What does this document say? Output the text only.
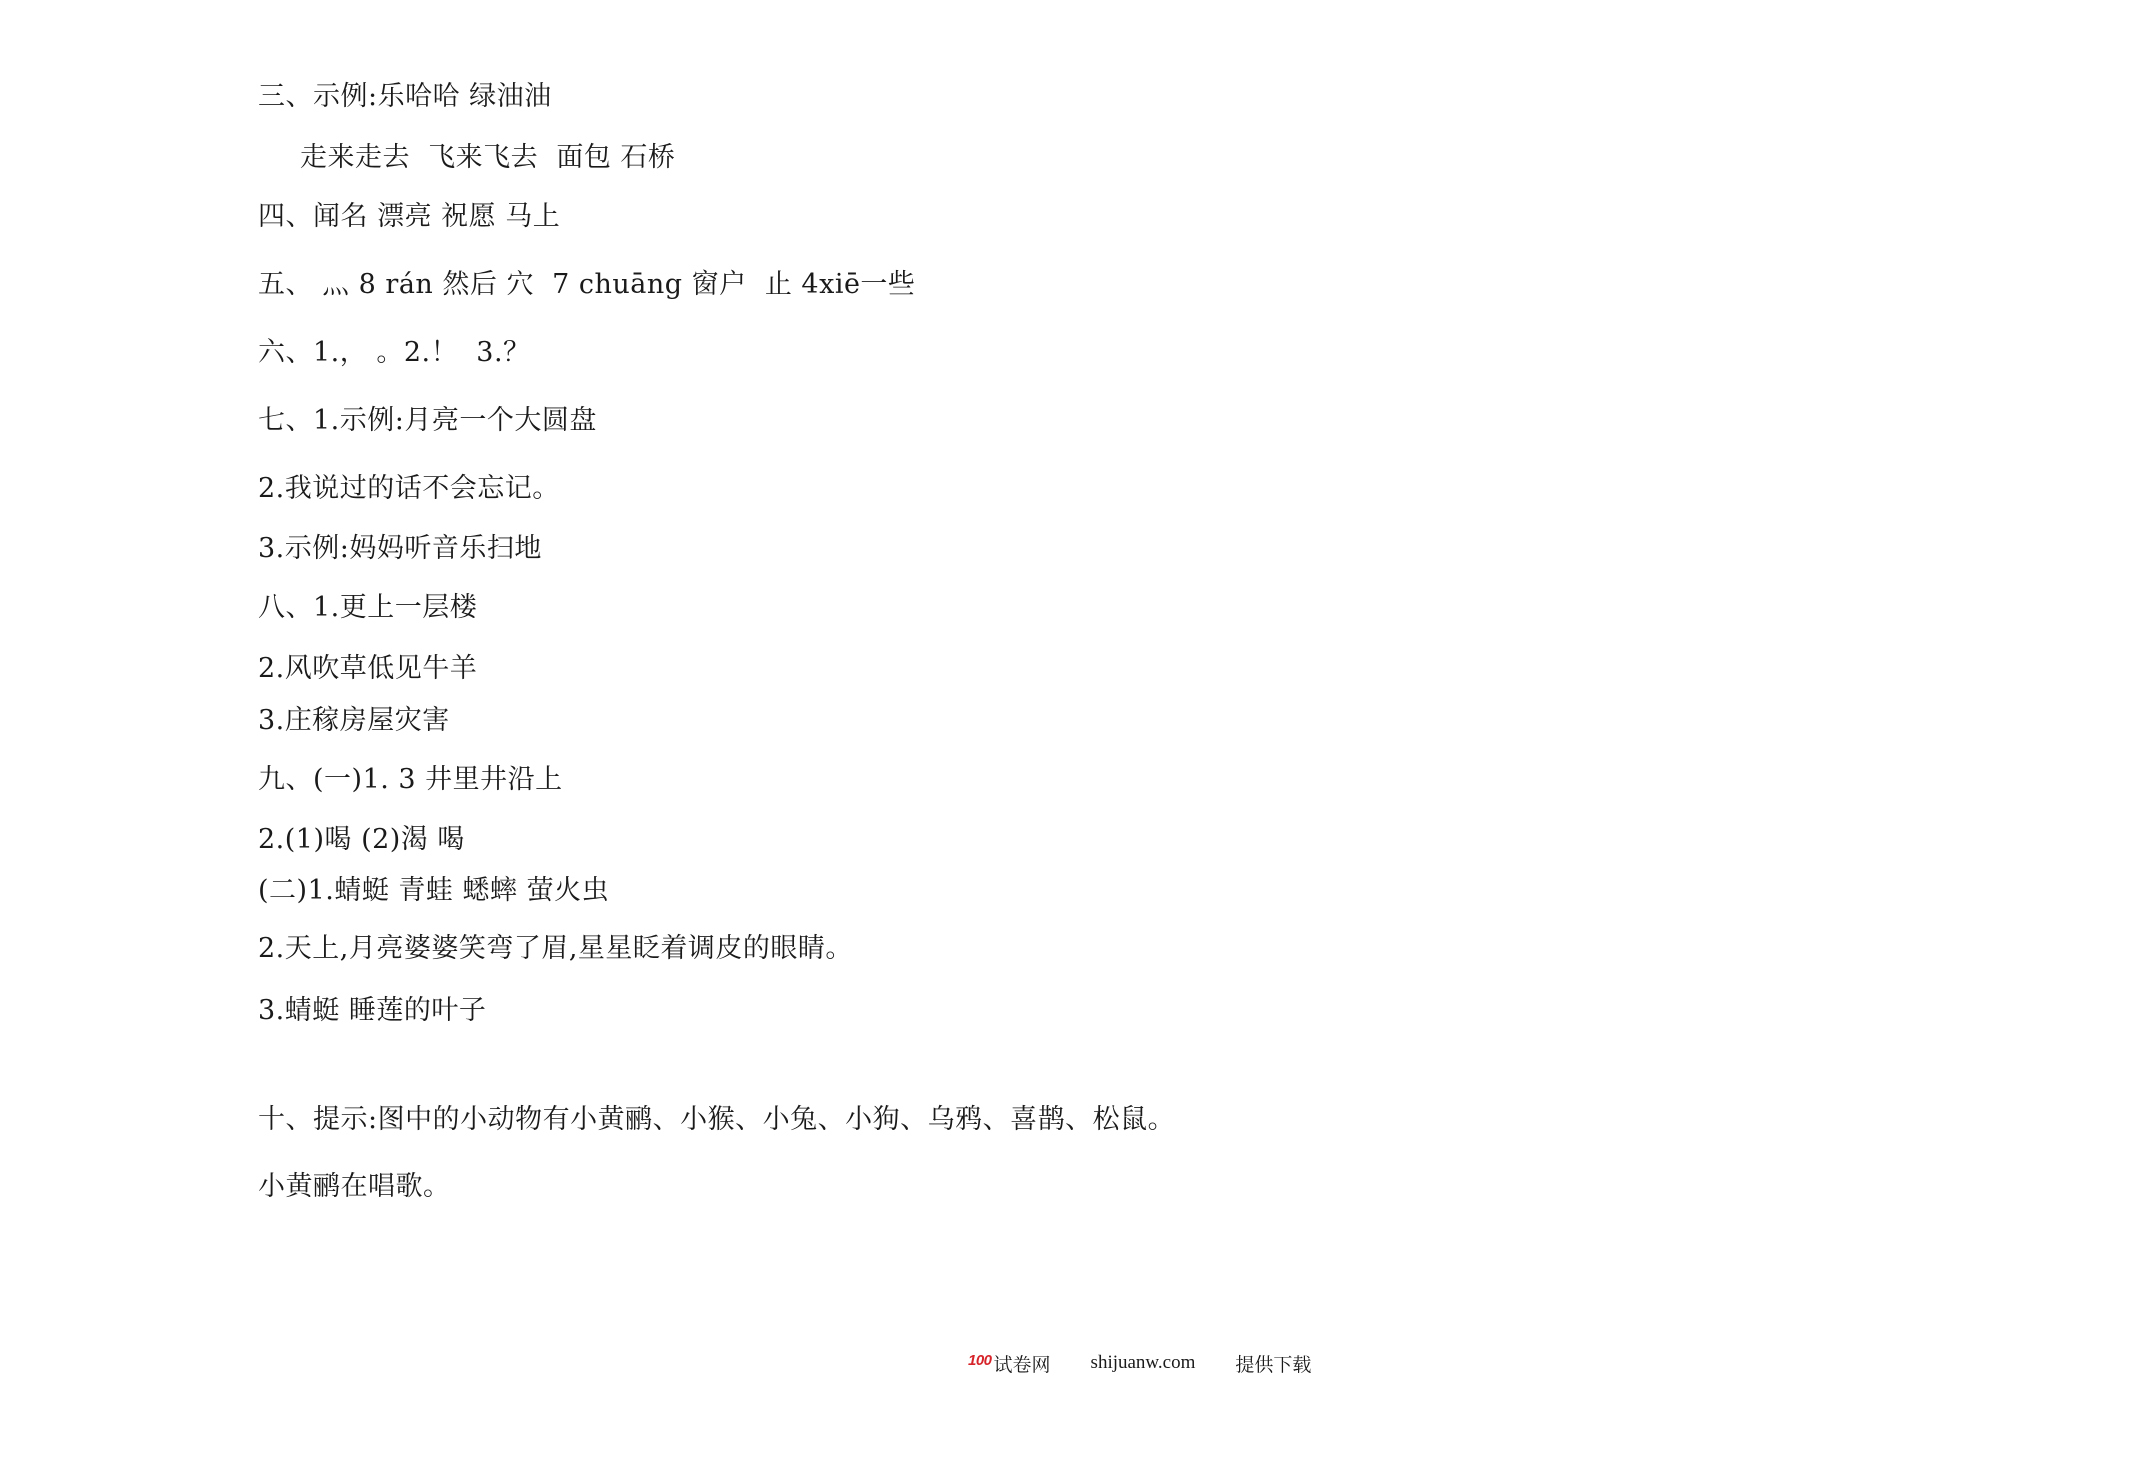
三、示例:乐哈哈 绿油油
走来走去  飞来飞去  面包 石桥
四、闻名 漂亮 祝愿 马上
五、 灬 8 rán 然后 穴  7 chuāng 窗户  止 4xiē一些
六、1.， 。2.！  3.？
七、1.示例:月亮一个大圆盘
2.我说过的话不会忘记。
3.示例:妈妈听音乐扫地
八、1.更上一层楼
2.风吹草低见牛羊
3.庄稼房屋灾害
九、(一)1. 3 井里井沿上
2.(1)喝 (2)渴 喝
(二)1.蜻蜓 青蛙 蟋蟀 萤火虫
2.天上,月亮婆婆笑弯了眉,星星眨着调皮的眼睛。
3.蜻蜓 睡莲的叶子
十、提示:图中的小动物有小黄鹂、小猴、小兔、小狗、乌鸦、喜鹊、松鼠。
小黄鹂在唱歌。
100 试卷网 shijuanw.com 提供下载
